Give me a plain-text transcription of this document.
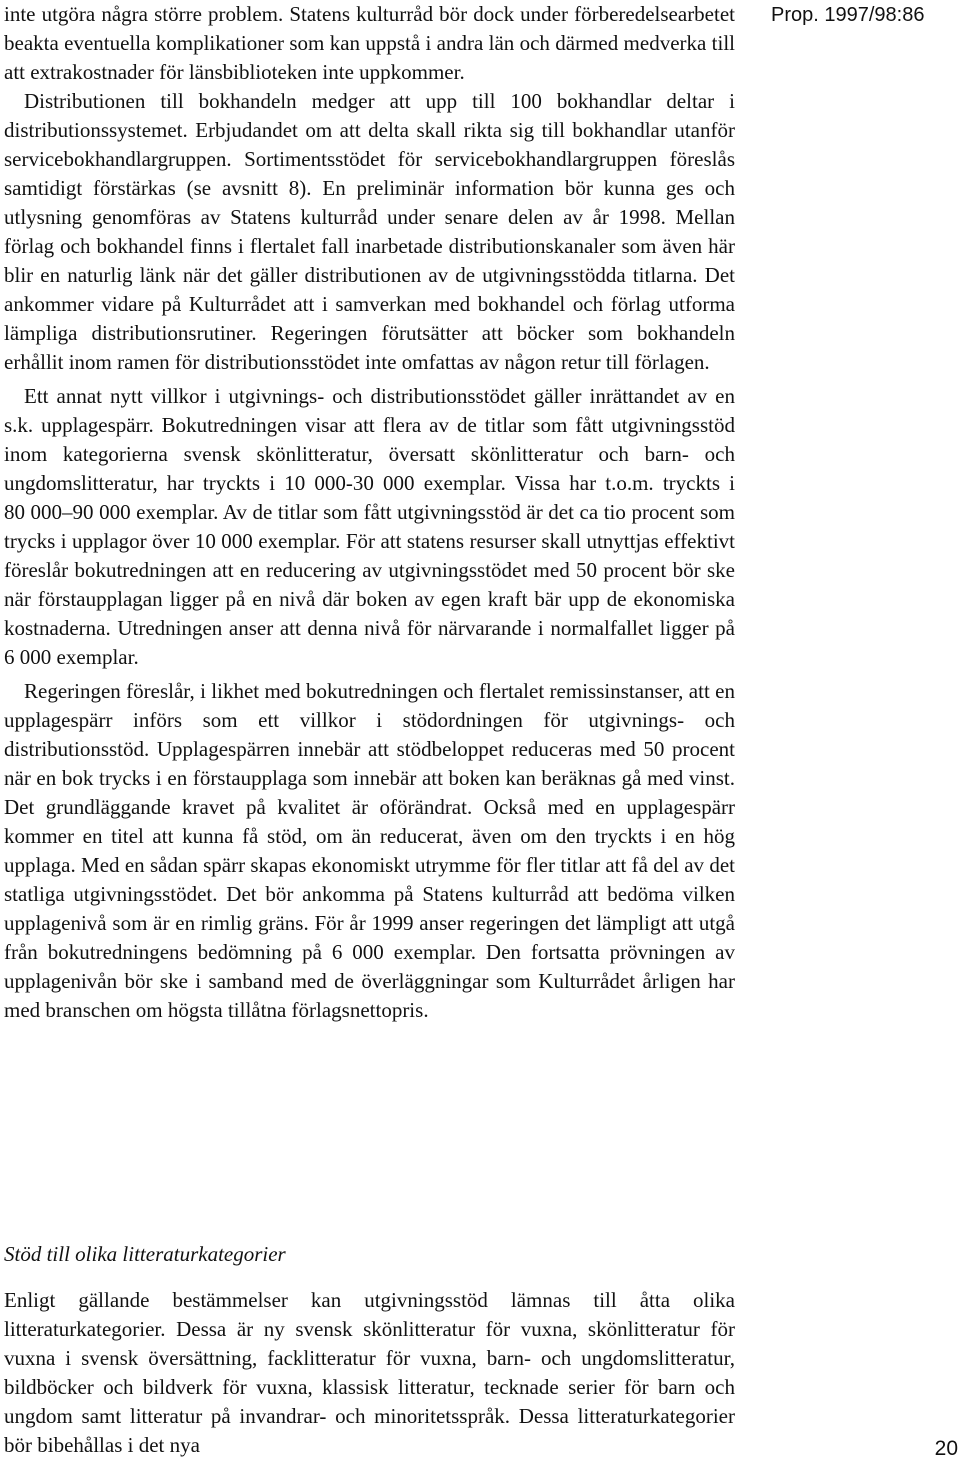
Prop. 1997/98:86

inte utgöra några större problem. Statens kulturråd bör dock under förberedelsearbetet beakta eventuella komplikationer som kan uppstå i andra län och därmed medverka till att extrakostnader för länsbiblioteken inte uppkommer.

Distributionen till bokhandeln medger att upp till 100 bokhandlar deltar i distributionssystemet. Erbjudandet om att delta skall rikta sig till bokhandlar utanför servicebokhandlargruppen. Sortimentsstödet för servicebokhandlargruppen föreslås samtidigt förstärkas (se avsnitt 8). En preliminär information bör kunna ges och utlysning genomföras av Statens kulturråd under senare delen av år 1998. Mellan förlag och bokhandel finns i flertalet fall inarbetade distributionskanaler som även här blir en naturlig länk när det gäller distributionen av de utgivningsstödda titlarna. Det ankommer vidare på Kulturrådet att i samverkan med bokhandel och förlag utforma lämpliga distributionsrutiner. Regeringen förutsätter att böcker som bokhandeln erhållit inom ramen för distributionsstödet inte omfattas av någon retur till förlagen.

Ett annat nytt villkor i utgivnings- och distributionsstödet gäller inrättandet av en s.k. upplagespärr. Bokutredningen visar att flera av de titlar som fått utgivningsstöd inom kategorierna svensk skönlitteratur, översatt skönlitteratur och barn- och ungdomslitteratur, har tryckts i 10 000-30 000 exemplar. Vissa har t.o.m. tryckts i 80 000–90 000 exemplar. Av de titlar som fått utgivningsstöd är det ca tio procent som trycks i upplagor över 10 000 exemplar. För att statens resurser skall utnyttjas effektivt föreslår bokutredningen att en reducering av utgivningsstödet med 50 procent bör ske när förstaupplagan ligger på en nivå där boken av egen kraft bär upp de ekonomiska kostnaderna. Utredningen anser att denna nivå för närvarande i normalfallet ligger på 6 000 exemplar.

Regeringen föreslår, i likhet med bokutredningen och flertalet remissinstanser, att en upplagespärr införs som ett villkor i stödordningen för utgivnings- och distributionsstöd. Upplagespärren innebär att stödbeloppet reduceras med 50 procent när en bok trycks i en förstaupplaga som innebär att boken kan beräknas gå med vinst. Det grundläggande kravet på kvalitet är oförändrat. Också med en upplagespärr kommer en titel att kunna få stöd, om än reducerat, även om den tryckts i en hög upplaga. Med en sådan spärr skapas ekonomiskt utrymme för fler titlar att få del av det statliga utgivningsstödet. Det bör ankomma på Statens kulturråd att bedöma vilken upplagenivå som är en rimlig gräns. För år 1999 anser regeringen det lämpligt att utgå från bokutredningens bedömning på 6 000 exemplar. Den fortsatta prövningen av upplagenivån bör ske i samband med de överläggningar som Kulturrådet årligen har med branschen om högsta tillåtna förlagsnettopris.

Stöd till olika litteraturkategorier

Enligt gällande bestämmelser kan utgivningsstöd lämnas till åtta olika litteraturkategorier. Dessa är ny svensk skönlitteratur för vuxna, skönlitteratur för vuxna i svensk översättning, facklitteratur för vuxna, barn- och ungdomslitteratur, bildböcker och bildverk för vuxna, klassisk litteratur, tecknade serier för barn och ungdom samt litteratur på invandrar- och minoritetsspråk. Dessa litteraturkategorier bör bibehållas i det nya	20
